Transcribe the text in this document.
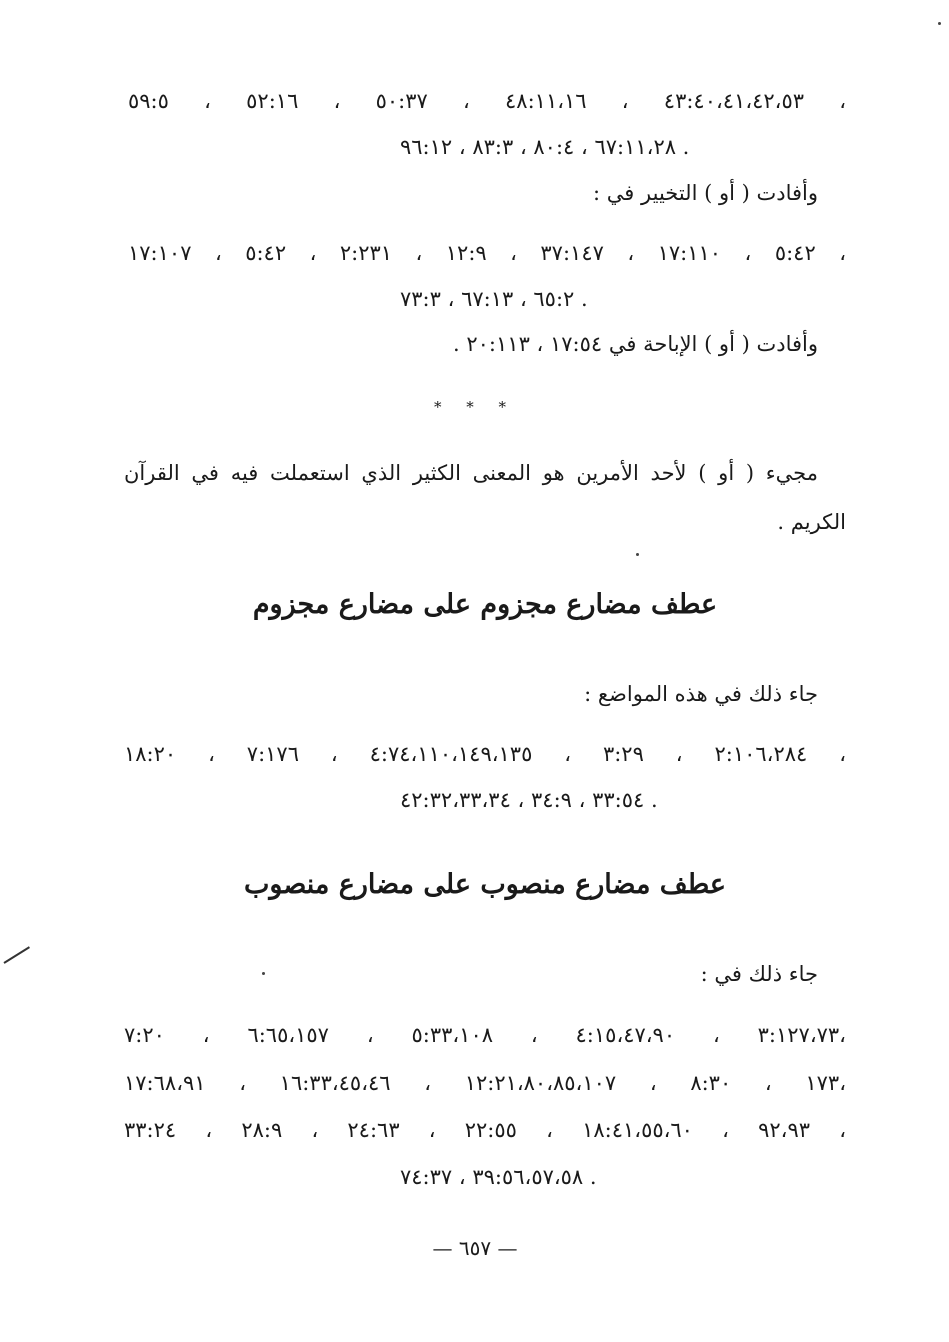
٤٣:٤٠،٤١،٤٢،٥٣ ، ٤٨:١١،١٦ ، ٥٠:٣٧ ، ٥٢:١٦ ، ٥٩:٥ ،
٦٧:١١،٢٨ ، ٨٠:٤ ، ٨٣:٣ ، ٩٦:١٢ .
وأفادت ( أو ) التخيير في :
٥:٤٢ ، ١٧:١١٠ ، ٣٧:١٤٧ ، ١٢:٩ ، ٢:٢٣١ ، ٥:٤٢ ، ١٧:١٠٧ ،
٦٥:٢ ، ٦٧:١٣ ، ٧٣:٣ .
وأفادت ( أو ) الإباحة في ١٧:٥٤ ، ٢٠:١١٣ .
* * *
مجيء ( أو ) لأحد الأمرين هو المعنى الكثير الذي استعملت فيه في القرآن
الكريم .
عطف مضارع مجزوم على مضارع مجزوم
جاء ذلك في هذه المواضع :
٢:١٠٦،٢٨٤ ، ٣:٢٩ ، ٤:٧٤،١١٠،١٤٩،١٣٥ ، ٧:١٧٦ ، ١٨:٢٠ ،
٣٣:٥٤ ، ٣٤:٩ ، ٤٢:٣٢،٣٣،٣٤ .
عطف مضارع منصوب على مضارع منصوب
جاء ذلك في :
٣:١٢٧،٧٣ ، ٤:١٥،٤٧،٩٠ ، ٥:٣٣،١٠٨ ، ٦:٦٥،١٥٧ ، ٧:٢٠،
١٧٣ ، ٨:٣٠ ، ١٢:٢١،٨٠،٨٥،١٠٧ ، ١٦:٣٣،٤٥،٤٦ ، ١٧:٦٨،٩١،
٩٢،٩٣ ، ١٨:٤١،٥٥،٦٠ ، ٢٢:٥٥ ، ٢٤:٦٣ ، ٢٨:٩ ، ٣٣:٢٤ ،
٣٩:٥٦،٥٧،٥٨ ، ٧٤:٣٧ .
— ٦٥٧ —
